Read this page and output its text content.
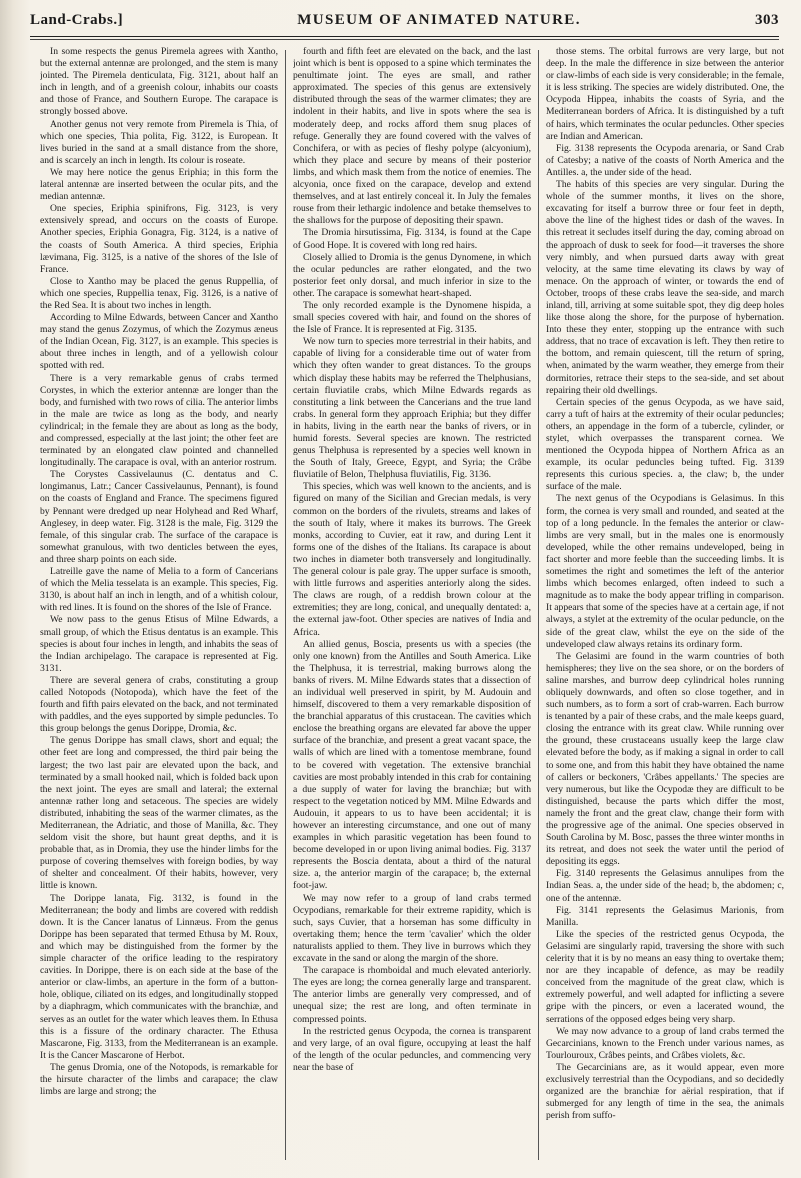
Land-Crabs.]	MUSEUM OF ANIMATED NATURE.	303

In some respects the genus Piremela agrees with Xantho, but the external antennæ are prolonged, and the stem is many jointed. The Piremela denticulata, Fig. 3121, about half an inch in length, and of a greenish colour, inhabits our coasts and those of France, and Southern Europe. The carapace is strongly bossed above.

Another genus not very remote from Piremela is Thia, of which one species, Thia polita, Fig. 3122, is European. It lives buried in the sand at a small distance from the shore, and is scarcely an inch in length. Its colour is roseate.

We may here notice the genus Eriphia; in this form the lateral antennæ are inserted between the ocular pits, and the median antennæ.

One species, Eriphia spinifrons, Fig. 3123, is very extensively spread, and occurs on the coasts of Europe. Another species, Eriphia Gonagra, Fig. 3124, is a native of the coasts of South America. A third species, Eriphia lævimana, Fig. 3125, is a native of the shores of the Isle of France.

Close to Xantho may be placed the genus Ruppellia, of which one species, Ruppellia tenax, Fig. 3126, is a native of the Red Sea. It is about two inches in length.

According to Milne Edwards, between Cancer and Xantho may stand the genus Zozymus, of which the Zozymus æneus of the Indian Ocean, Fig. 3127, is an example. This species is about three inches in length, and of a yellowish colour spotted with red.

There is a very remarkable genus of crabs termed Corystes, in which the exterior antennæ are longer than the body, and furnished with two rows of cilia. The anterior limbs in the male are twice as long as the body, and nearly cylindrical; in the female they are about as long as the body, and compressed, especially at the last joint; the other feet are terminated by an elongated claw pointed and channelled longitudinally. The carapace is oval, with an anterior rostrum.

The Corystes Cassivelaunus (C. dentatus and C. longimanus, Latr.; Cancer Cassivelaunus, Pennant), is found on the coasts of England and France. The specimens figured by Pennant were dredged up near Holyhead and Red Wharf, Anglesey, in deep water. Fig. 3128 is the male, Fig. 3129 the female, of this singular crab. The surface of the carapace is somewhat granulous, with two denticles between the eyes, and three sharp points on each side.

Latreille gave the name of Melia to a form of Cancerians of which the Melia tesselata is an example. This species, Fig. 3130, is about half an inch in length, and of a whitish colour, with red lines. It is found on the shores of the Isle of France.

We now pass to the genus Etisus of Milne Edwards, a small group, of which the Etisus dentatus is an example. This species is about four inches in length, and inhabits the seas of the Indian archipelago. The carapace is represented at Fig. 3131.

There are several genera of crabs, constituting a group called Notopods (Notopoda), which have the feet of the fourth and fifth pairs elevated on the back, and not terminated with paddles, and the eyes supported by simple peduncles. To this group belongs the genus Dorippe, Dromia, &c.

The genus Dorippe has small claws, short and equal; the other feet are long and compressed, the third pair being the largest; the two last pair are elevated upon the back, and terminated by a small hooked nail, which is folded back upon the next joint. The eyes are small and lateral; the external antennæ rather long and setaceous. The species are widely distributed, inhabiting the seas of the warmer climates, as the Mediterranean, the Adriatic, and those of Manilla, &c. They seldom visit the shore, but haunt great depths, and it is probable that, as in Dromia, they use the hinder limbs for the purpose of covering themselves with foreign bodies, by way of shelter and concealment. Of their habits, however, very little is known.

The Dorippe lanata, Fig. 3132, is found in the Mediterranean; the body and limbs are covered with reddish down. It is the Cancer lanatus of Linnæus. From the genus Dorippe has been separated that termed Ethusa by M. Roux, and which may be distinguished from the former by the simple character of the orifice leading to the respiratory cavities. In Dorippe, there is on each side at the base of the anterior or claw-limbs, an aperture in the form of a button-hole, oblique, ciliated on its edges, and longitudinally stopped by a diaphragm, which communicates with the branchiæ, and serves as an outlet for the water which leaves them. In Ethusa this is a fissure of the ordinary character. The Ethusa Mascarone, Fig. 3133, from the Mediterranean is an example. It is the Cancer Mascarone of Herbot.

The genus Dromia, one of the Notopods, is remarkable for the hirsute character of the limbs and carapace; the claw limbs are large and strong; the

fourth and fifth feet are elevated on the back, and the last joint which is bent is opposed to a spine which terminates the penultimate joint. The eyes are small, and rather approximated. The species of this genus are extensively distributed through the seas of the warmer climates; they are indolent in their habits, and live in spots where the sea is moderately deep, and rocks afford them snug places of refuge. Generally they are found covered with the valves of Conchifera, or with as pecies of fleshy polype (alcyonium), which they place and secure by means of their posterior limbs, and which mask them from the notice of enemies. The alcyonia, once fixed on the carapace, develop and extend themselves, and at last entirely conceal it. In July the females rouse from their lethargic indolence and betake themselves to the shallows for the purpose of depositing their spawn.

The Dromia hirsutissima, Fig. 3134, is found at the Cape of Good Hope. It is covered with long red hairs.

Closely allied to Dromia is the genus Dynomene, in which the ocular peduncles are rather elongated, and the two posterior feet only dorsal, and much inferior in size to the other. The carapace is somewhat heart-shaped.

The only recorded example is the Dynomene hispida, a small species covered with hair, and found on the shores of the Isle of France. It is represented at Fig. 3135.

We now turn to species more terrestrial in their habits, and capable of living for a considerable time out of water from which they often wander to great distances. To the groups which display these habits may be referred the Thelphusians, certain fluviatile crabs, which Milne Edwards regards as constituting a link between the Cancerians and the true land crabs. In general form they approach Eriphia; but they differ in habits, living in the earth near the banks of rivers, or in humid forests. Several species are known. The restricted genus Thelphusa is represented by a species well known in the South of Italy, Greece, Egypt, and Syria; the Crâbe fluviatile of Belon, Thelphusa fluviatilis, Fig. 3136.

This species, which was well known to the ancients, and is figured on many of the Sicilian and Grecian medals, is very common on the borders of the rivulets, streams and lakes of the south of Italy, where it makes its burrows. The Greek monks, according to Cuvier, eat it raw, and during Lent it forms one of the dishes of the Italians. Its carapace is about two inches in diameter both transversely and longitudinally. The general colour is pale gray. The upper surface is smooth, with little furrows and asperities anteriorly along the sides. The claws are rough, of a reddish brown colour at the extremities; they are long, conical, and unequally dentated: a, the external jaw-foot. Other species are natives of India and Africa.

An allied genus, Boscia, presents us with a species (the only one known) from the Antilles and South America. Like the Thelphusa, it is terrestrial, making burrows along the banks of rivers. M. Milne Edwards states that a dissection of an individual well preserved in spirit, by M. Audouin and himself, discovered to them a very remarkable disposition of the branchial apparatus of this crustacean. The cavities which enclose the breathing organs are elevated far above the upper surface of the branchiæ, and present a great vacant space, the walls of which are lined with a tomentose membrane, found to be covered with vegetation. The extensive branchial cavities are most probably intended in this crab for containing a due supply of water for laving the branchiæ; but with respect to the vegetation noticed by MM. Milne Edwards and Audouin, it appears to us to have been accidental; it is however an interesting circumstance, and one out of many examples in which parasitic vegetation has been found to become developed in or upon living animal bodies. Fig. 3137 represents the Boscia dentata, about a third of the natural size. a, the anterior margin of the carapace; b, the external foot-jaw.

We may now refer to a group of land crabs termed Ocypodians, remarkable for their extreme rapidity, which is such, says Cuvier, that a horseman has some difficulty in overtaking them; hence the term 'cavalier' which the older naturalists applied to them. They live in burrows which they excavate in the sand or along the margin of the shore.

The carapace is rhomboidal and much elevated anteriorly. The eyes are long; the cornea generally large and transparent. The anterior limbs are generally very compressed, and of unequal size; the rest are long, and often terminate in compressed points.

In the restricted genus Ocypoda, the cornea is transparent and very large, of an oval figure, occupying at least the half of the length of the ocular peduncles, and commencing very near the base of

those stems. The orbital furrows are very large, but not deep. In the male the difference in size between the anterior or claw-limbs of each side is very considerable; in the female, it is less striking. The species are widely distributed. One, the Ocypoda Hippea, inhabits the coasts of Syria, and the Mediterranean borders of Africa. It is distinguished by a tuft of hairs, which terminates the ocular peduncles. Other species are Indian and American.

Fig. 3138 represents the Ocypoda arenaria, or Sand Crab of Catesby; a native of the coasts of North America and the Antilles. a, the under side of the head.

The habits of this species are very singular. During the whole of the summer months, it lives on the shore, excavating for itself a burrow three or four feet in depth, above the line of the highest tides or dash of the waves. In this retreat it secludes itself during the day, coming abroad on the approach of dusk to seek for food—it traverses the shore very nimbly, and when pursued darts away with great velocity, at the same time elevating its claws by way of menace. On the approach of winter, or towards the end of October, troops of these crabs leave the sea-side, and march inland, till, arriving at some suitable spot, they dig deep holes like those along the shore, for the purpose of hybernation. Into these they enter, stopping up the entrance with such address, that no trace of excavation is left. They then retire to the bottom, and remain quiescent, till the return of spring, when, animated by the warm weather, they emerge from their dormitories, retrace their steps to the sea-side, and set about repairing their old dwellings.

Certain species of the genus Ocypoda, as we have said, carry a tuft of hairs at the extremity of their ocular peduncles; others, an appendage in the form of a tubercle, cylinder, or stylet, which overpasses the transparent cornea. We mentioned the Ocypoda hippea of Northern Africa as an example, its ocular peduncles being tufted. Fig. 3139 represents this curious species. a, the claw; b, the under surface of the male.

The next genus of the Ocypodians is Gelasimus. In this form, the cornea is very small and rounded, and seated at the top of a long peduncle. In the females the anterior or claw-limbs are very small, but in the males one is enormously developed, while the other remains undeveloped, being in fact shorter and more feeble than the succeeding limbs. It is sometimes the right and sometimes the left of the anterior limbs which becomes enlarged, often indeed to such a magnitude as to make the body appear trifling in comparison. It appears that some of the species have at a certain age, if not always, a stylet at the extremity of the ocular peduncle, on the side of the great claw, whilst the eye on the side of the undeveloped claw always retains its ordinary form.

The Gelasimi are found in the warm countries of both hemispheres; they live on the sea shore, or on the borders of saline marshes, and burrow deep cylindrical holes running obliquely downwards, and often so close together, and in such numbers, as to form a sort of crab-warren. Each burrow is tenanted by a pair of these crabs, and the male keeps guard, closing the entrance with its great claw. While running over the ground, these crustaceans usually keep the large claw elevated before the body, as if making a signal in order to call to some one, and from this habit they have obtained the name of callers or beckoners, 'Crâbes appellants.' The species are very numerous, but like the Ocypodæ they are difficult to be distinguished, because the parts which differ the most, namely the front and the great claw, change their form with the progressive age of the animal. One species observed in South Carolina by M. Bosc, passes the three winter months in its retreat, and does not seek the water until the period of depositing its eggs.

Fig. 3140 represents the Gelasimus annulipes from the Indian Seas. a, the under side of the head; b, the abdomen; c, one of the antennæ.

Fig. 3141 represents the Gelasimus Marionis, from Manilla.

Like the species of the restricted genus Ocypoda, the Gelasimi are singularly rapid, traversing the shore with such celerity that it is by no means an easy thing to overtake them; nor are they incapable of defence, as may be readily conceived from the magnitude of the great claw, which is extremely powerful, and well adapted for inflicting a severe gripe with the pincers, or even a lacerated wound, the serrations of the opposed edges being very sharp.

We may now advance to a group of land crabs termed the Gecarcinians, known to the French under various names, as Tourlouroux, Crâbes peints, and Crâbes violets, &c.

The Gecarcinians are, as it would appear, even more exclusively terrestrial than the Ocypodians, and so decidedly organized are the branchiæ for aërial respiration, that if submerged for any length of time in the sea, the animals perish from suffo-
